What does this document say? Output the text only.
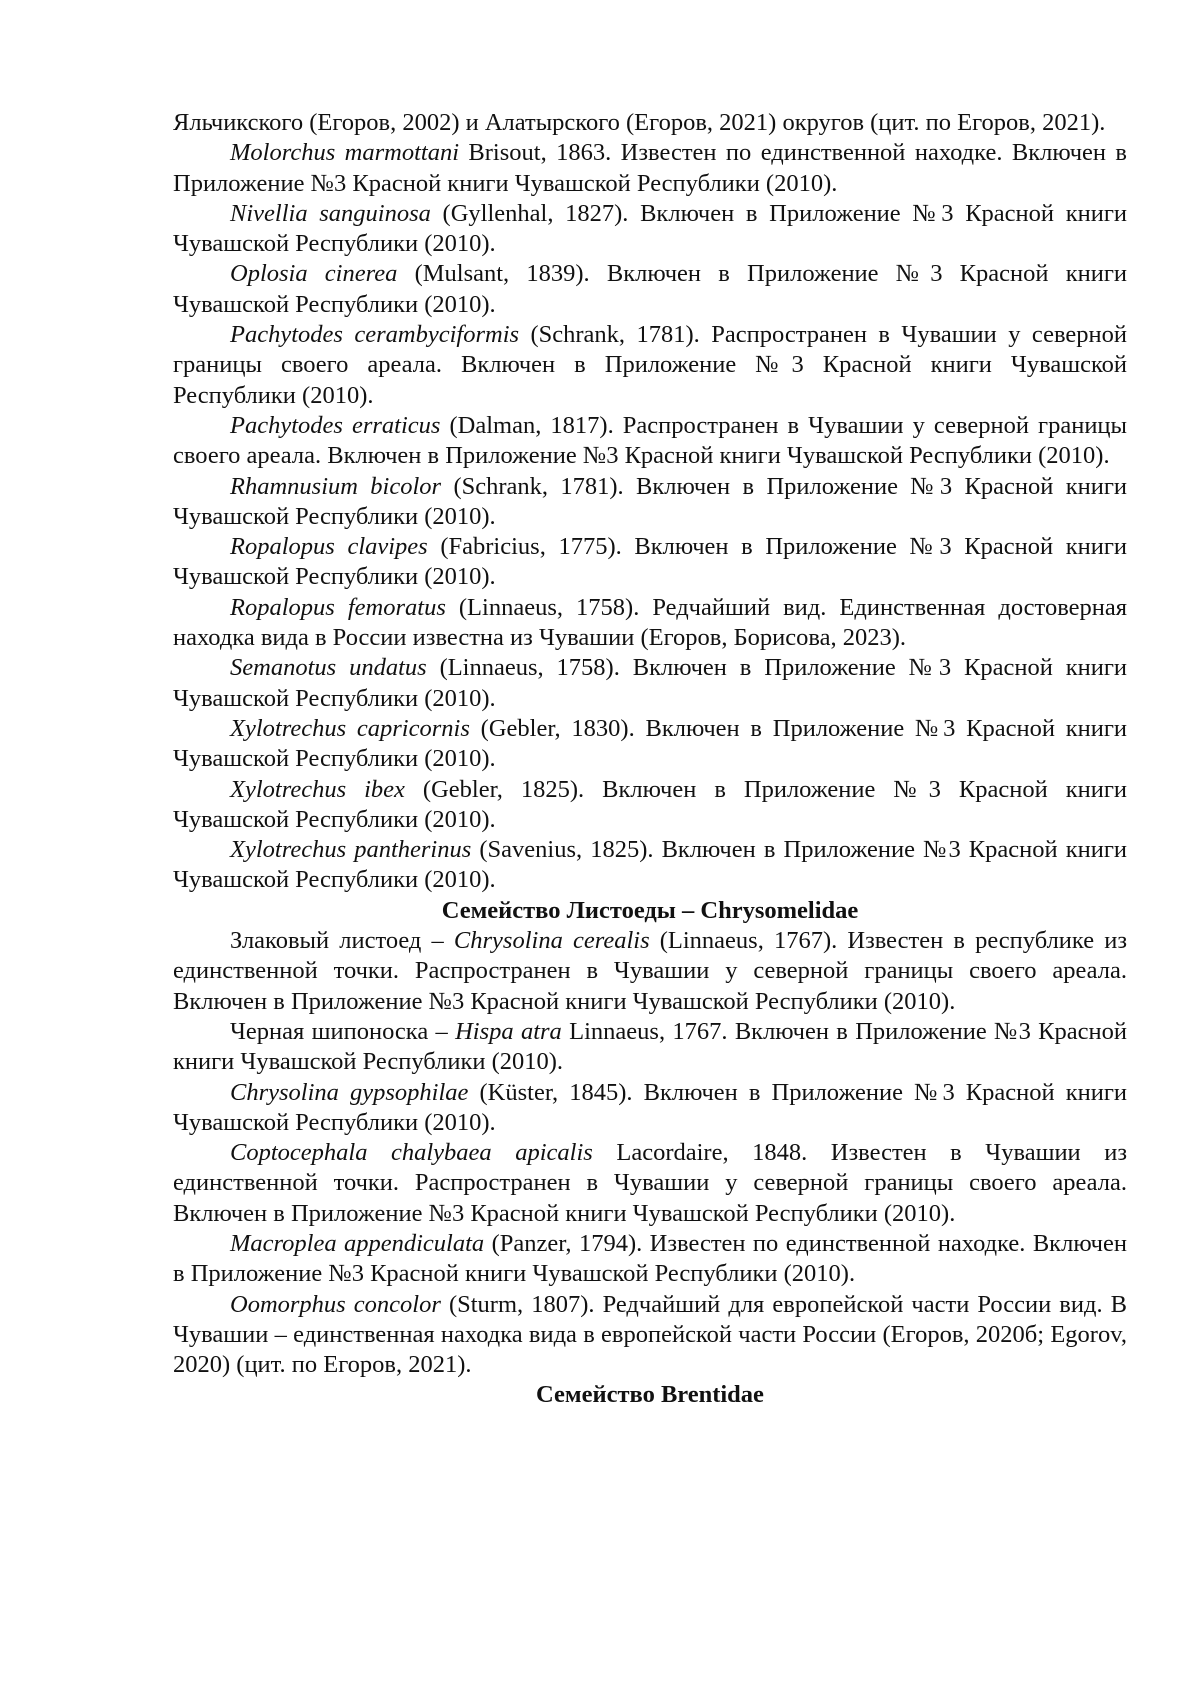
Яльчикского (Егоров, 2002) и Алатырского (Егоров, 2021) округов (цит. по Егоров, 2021).

Molorchus marmottani Brisout, 1863. Известен по единственной находке. Включен в Приложение №3 Красной книги Чувашской Республики (2010).

Nivellia sanguinosa (Gyllenhal, 1827). Включен в Приложение №3 Красной книги Чувашской Республики (2010).

Oplosia cinerea (Mulsant, 1839). Включен в Приложение №3 Красной книги Чувашской Республики (2010).

Pachytodes cerambyciformis (Schrank, 1781). Распространен в Чувашии у северной границы своего ареала. Включен в Приложение №3 Красной книги Чувашской Республики (2010).

Pachytodes erraticus (Dalman, 1817). Распространен в Чувашии у северной границы своего ареала. Включен в Приложение №3 Красной книги Чувашской Республики (2010).

Rhamnusium bicolor (Schrank, 1781). Включен в Приложение №3 Красной книги Чувашской Республики (2010).

Ropalopus clavipes (Fabricius, 1775). Включен в Приложение №3 Красной книги Чувашской Республики (2010).

Ropalopus femoratus (Linnaeus, 1758). Редчайший вид. Единственная достоверная находка вида в России известна из Чувашии (Егоров, Борисова, 2023).

Semanotus undatus (Linnaeus, 1758). Включен в Приложение №3 Красной книги Чувашской Республики (2010).

Xylotrechus capricornis (Gebler, 1830). Включен в Приложение №3 Красной книги Чувашской Республики (2010).

Xylotrechus ibex (Gebler, 1825). Включен в Приложение №3 Красной книги Чувашской Республики (2010).

Xylotrechus pantherinus (Savenius, 1825). Включен в Приложение №3 Красной книги Чувашской Республики (2010).

Семейство Листоеды – Chrysomelidae

Злаковый листоед – Chrysolina cerealis (Linnaeus, 1767). Известен в республике из единственной точки. Распространен в Чувашии у северной границы своего ареала. Включен в Приложение №3 Красной книги Чувашской Республики (2010).

Черная шипоноска – Hispa atra Linnaeus, 1767. Включен в Приложение №3 Красной книги Чувашской Республики (2010).

Chrysolina gypsophilae (Küster, 1845). Включен в Приложение №3 Красной книги Чувашской Республики (2010).

Coptocephala chalybaea apicalis Lacordaire, 1848. Известен в Чувашии из единственной точки. Распространен в Чувашии у северной границы своего ареала. Включен в Приложение №3 Красной книги Чувашской Республики (2010).

Macroplea appendiculata (Panzer, 1794). Известен по единственной находке. Включен в Приложение №3 Красной книги Чувашской Республики (2010).

Oomorphus concolor (Sturm, 1807). Редчайший для европейской части России вид. В Чувашии – единственная находка вида в европейской части России (Егоров, 2020б; Egorov, 2020) (цит. по Егоров, 2021).

Семейство Brentidae
